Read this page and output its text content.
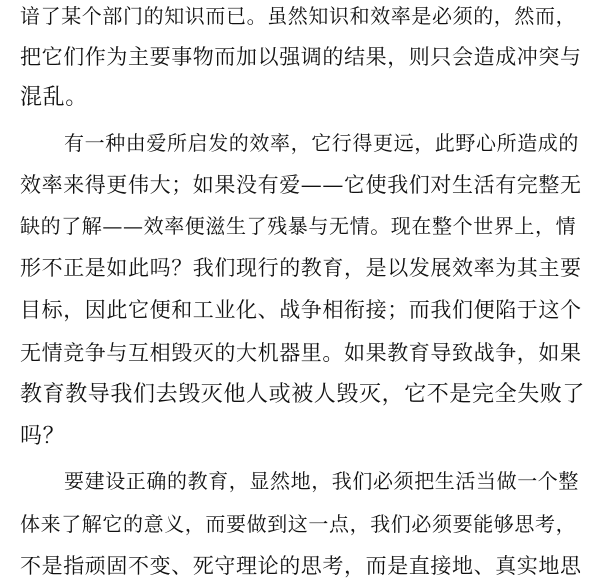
谙了某个部门的知识而已。虽然知识和效率是必须的，然而，
把它们作为主要事物而加以强调的结果，则只会造成冲突与
混乱。
有一种由爱所启发的效率，它行得更远，此野心所造成的
效率来得更伟大；如果没有爱——它使我们对生活有完整无
缺的了解——效率便滋生了残暴与无情。现在整个世界上，情
形不正是如此吗？我们现行的教育，是以发展效率为其主要
目标，因此它便和工业化、战争相衔接；而我们便陷于这个
无情竞争与互相毁灭的大机器里。如果教育导致战争，如果
教育教导我们去毁灭他人或被人毁灭，它不是完全失败了
吗？
要建设正确的教育，显然地，我们必须把生活当做一个整
体来了解它的意义，而要做到这一点，我们必须要能够思考，
不是指顽固不变、死守理论的思考，而是直接地、真实地思
